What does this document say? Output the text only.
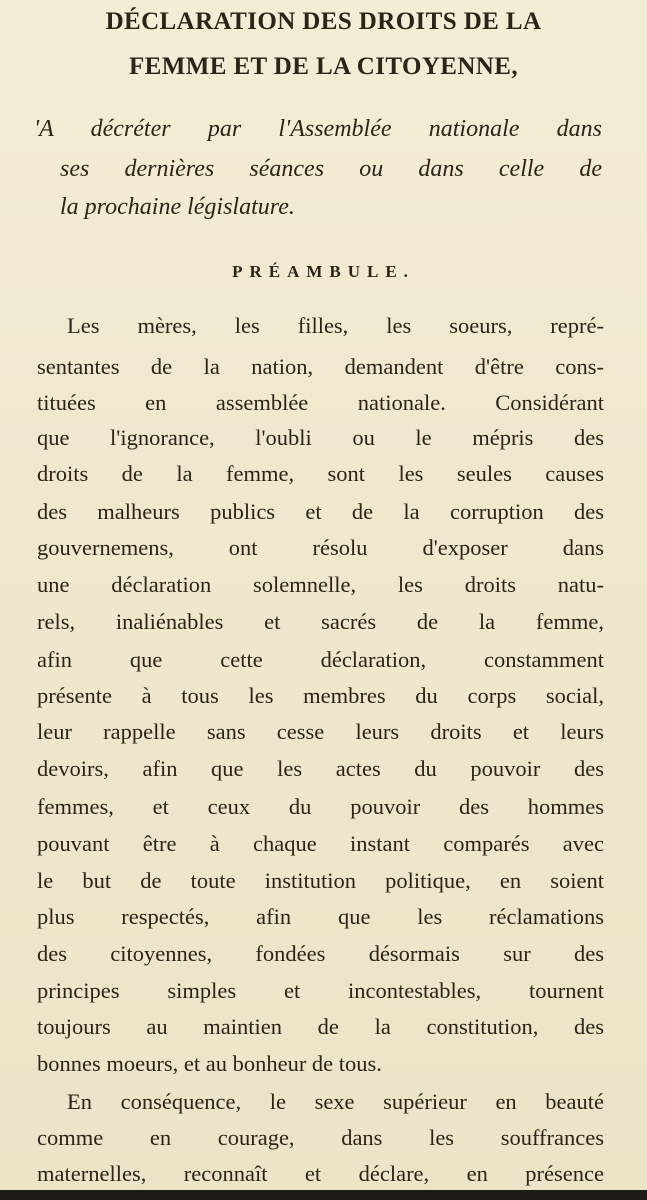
DÉCLARATION DES DROITS DE LA
FEMME ET DE LA CITOYENNE,
'A décréter par l'Assemblée nationale dans
ses dernières séances ou dans celle de
la prochaine législature.
PRÉAMBULE.
Les mères, les filles, les soeurs, repré-
sentantes de la nation, demandent d'être cons-
tituées en assemblée nationale. Considérant
que l'ignorance, l'oubli ou le mépris des
droits de la femme, sont les seules causes
des malheurs publics et de la corruption des
gouvernemens, ont résolu d'exposer dans
une déclaration solemnelle, les droits natu-
rels, inaliénables et sacrés de la femme,
afin que cette déclaration, constamment
présente à tous les membres du corps social,
leur rappelle sans cesse leurs droits et leurs
devoirs, afin que les actes du pouvoir des
femmes, et ceux du pouvoir des hommes
pouvant être à chaque instant comparés avec
le but de toute institution politique, en soient
plus respectés, afin que les réclamations
des citoyennes, fondées désormais sur des
principes simples et incontestables, tournent
toujours au maintien de la constitution, des
bonnes moeurs, et au bonheur de tous.
En conséquence, le sexe supérieur en beauté
comme en courage, dans les souffrances
maternelles, reconnaît et déclare, en présence
